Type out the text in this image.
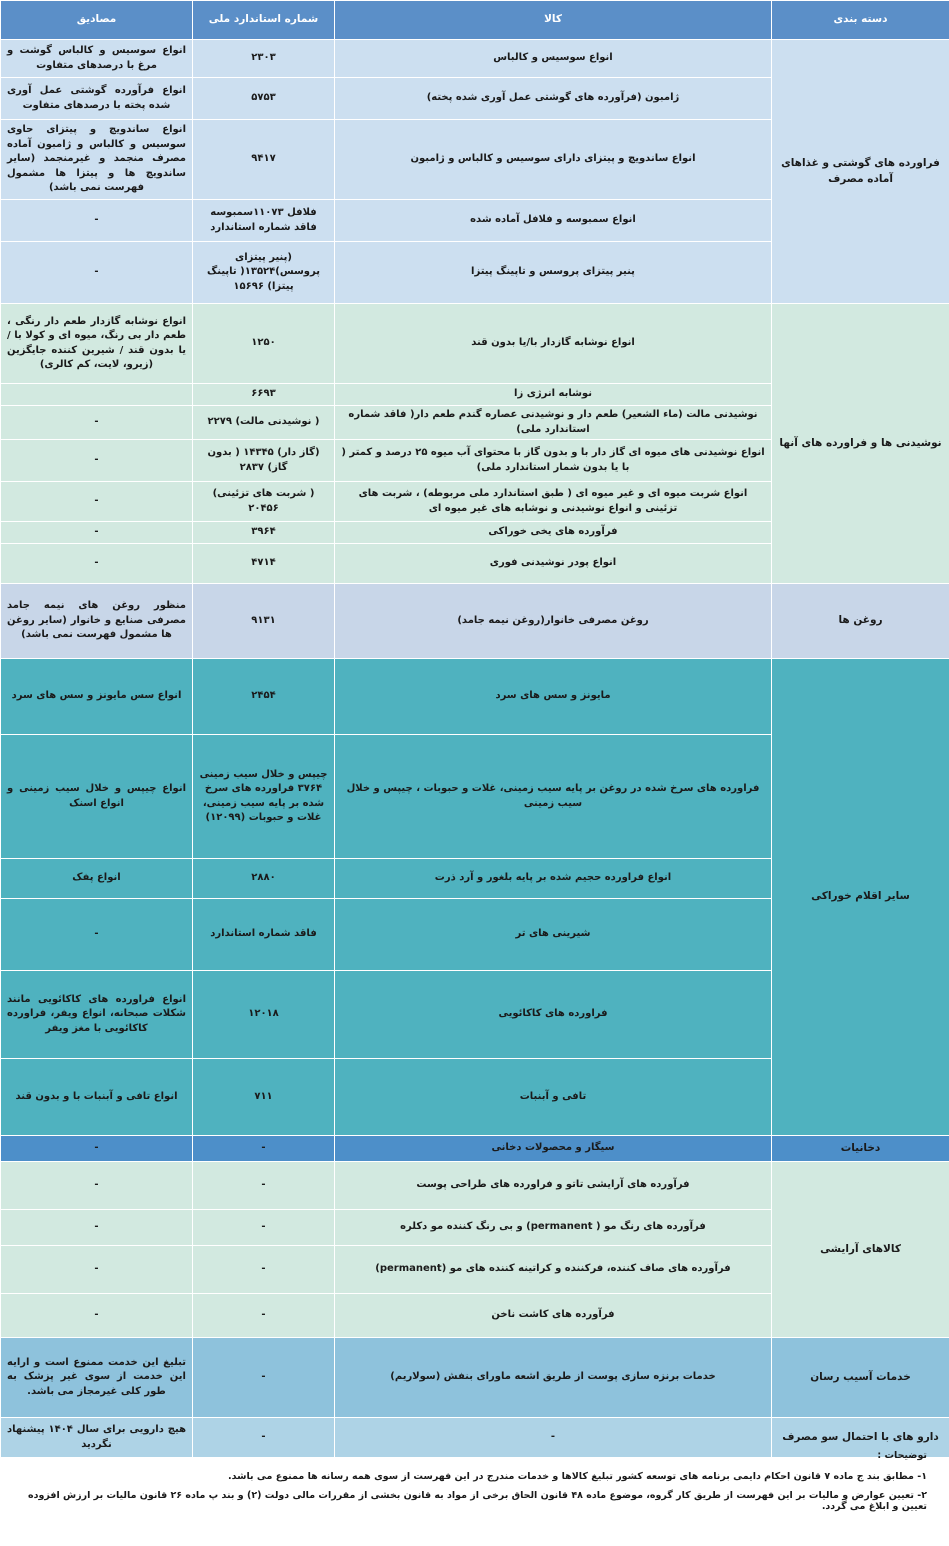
دسته بندی	کالا	شماره استاندارد ملی	مصادیق
فراورده های گوشتی و غذاهای آماده مصرف	انواع سوسیس و کالباس	۲۳۰۳	انواع سوسیس و کالباس گوشت و مرغ با درصدهای متفاوت
	ژامبون (فرآورده های گوشتی عمل آوری شده پخته)	۵۷۵۳	انواع فرآورده گوشتی عمل آوری شده پخته با درصدهای متفاوت
	انواع ساندویچ و پیتزای دارای سوسیس و کالباس و ژامبون	۹۴۱۷	انواع ساندویچ و پیتزای حاوی سوسیس و کالباس و ژامبون آماده مصرف منجمد و غیرمنجمد (سایر ساندویچ ها و پیتزا ها مشمول فهرست نمی باشد)
	انواع سمبوسه و فلافل آماده شده	فلافل ۱۱۰۷۳سمبوسه فاقد شماره استاندارد	-
	پنیر پیتزای پروسس و تاپینگ پیتزا	(پنیر پیتزای پروسس)۱۳۵۲۴( تاپینگ پیتزا) ۱۵۶۹۶	-
نوشیدنی ها و فراورده های آنها	انواع نوشابه گازدار با/یا بدون قند	۱۲۵۰	انواع نوشابه گازدار طعم دار رنگی ، طعم دار بی رنگ، میوه ای و کولا با /یا بدون قند / شیرین کننده جایگزین (زیرو، لایت، کم کالری)
	نوشابه انرژی زا	۶۶۹۳	
	نوشیدنی مالت (ماء الشعیر) طعم دار و نوشیدنی عصاره گندم طعم دار( فاقد شماره استاندارد ملی)	( نوشیدنی مالت) ۲۲۷۹	-
	انواع نوشیدنی های میوه ای گاز دار با و بدون گاز با محتوای آب میوه ۲۵ درصد و کمتر ( با یا بدون شمار استاندارد ملی)	(گاز دار) ۱۴۳۴۵ ( بدون گاز) ۲۸۳۷	-
	انواع شربت میوه ای و غیر میوه ای ( طبق استاندارد ملی مربوطه) ، شربت های تزئینی و انواع نوشیدنی و نوشابه های غیر میوه ای	( شربت های تزئینی) ۲۰۴۵۶	-
	فرآورده های یخی خوراکی	۳۹۶۴	-
	انواع پودر نوشیدنی فوری	۴۷۱۴	-
روغن ها	روغن مصرفی خانوار(روغن نیمه جامد)	۹۱۳۱	منظور روغن های نیمه جامد مصرفی صنایع و خانوار (سایر روغن ها مشمول فهرست نمی باشد)
سایر اقلام خوراکی	مایونز و سس های سرد	۲۴۵۴	انواع سس مایونز و سس های سرد
	فراورده های سرخ شده در روغن بر پایه سیب زمینی، غلات و حبوبات ، چیپس و خلال سیب زمینی	چیپس و خلال سیب زمینی ۳۷۶۴ فراورده های سرخ شده بر پایه سیب زمینی، غلات و حبوبات (۱۲۰۹۹)	انواع چیپس و خلال سیب زمینی و انواع اسنک
	انواع فراورده حجیم شده بر پایه بلغور و آرد ذرت	۲۸۸۰	انواع پفک
	شیرینی های تر	فاقد شماره استاندارد	-
	فراورده های کاکائویی	۱۲۰۱۸	انواع فراورده های کاکائویی مانند شکلات صبحانه، انواع ویفر، فراورده کاکائویی با مغز ویفر
	تافی و آبنبات	۷۱۱	انواع تافی و آبنبات با و بدون قند
دخانیات	سیگار و محصولات دخانی	-	-
کالاهای آرایشی	فرآورده های آرایشی تاتو و فراورده های طراحی پوست	-	-
	فرآورده های رنگ مو ( permanent) و بی رنگ کننده مو دکلره	-	-
	فرآورده های صاف کننده، فرکننده و کراتینه کننده های مو (permanent)	-	-
	فرآورده های کاشت ناخن	-	-
خدمات آسیب رسان	خدمات برنزه سازی پوست از طریق اشعه ماورای بنفش (سولاریم)	-	تبلیغ این خدمت ممنوع است و ارایه این خدمت از سوی غیر پزشک به طور کلی غیرمجاز می باشد.
دارو های با احتمال سو مصرف	-	-	هیچ دارویی برای سال ۱۴۰۴ پیشنهاد نگردید
توضیحات :
۱- مطابق بند ج ماده ۷ قانون احکام دایمی برنامه های توسعه کشور تبلیغ کالاها و خدمات مندرج در این فهرست از سوی همه رسانه ها ممنوع می باشد.
۲- تعیین عوارض و مالیات بر این فهرست از طریق کار گروه، موضوع ماده ۴۸ قانون الحاق برخی از مواد به قانون بخشی از مقررات مالی دولت (۲) و بند پ ماده ۲۶ قانون مالیات بر ارزش افزوده تعیین و ابلاغ می گردد.
